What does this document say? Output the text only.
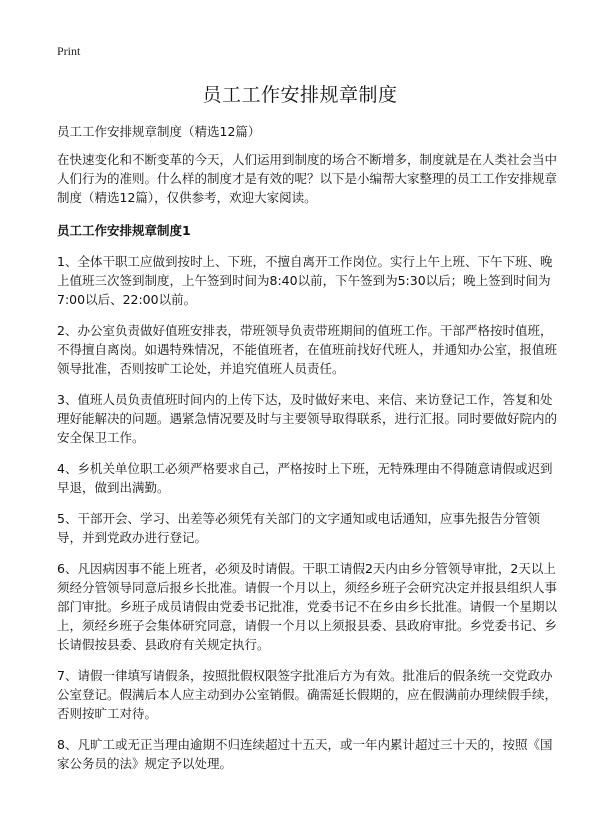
Print
员工工作安排规章制度

员工工作安排规章制度（精选12篇）

在快速变化和不断变革的今天，人们运用到制度的场合不断增多，制度就是在人类社会当中人们行为的准则。什么样的制度才是有效的呢？以下是小编帮大家整理的员工工作安排规章制度（精选12篇），仅供参考，欢迎大家阅读。

员工工作安排规章制度1

1、全体干职工应做到按时上、下班，不擅自离开工作岗位。实行上午上班、下午下班、晚上值班三次签到制度，上午签到时间为8:40以前，下午签到为5:30以后；晚上签到时间为7:00以后、22:00以前。

2、办公室负责做好值班安排表，带班领导负责带班期间的值班工作。干部严格按时值班，不得擅自离岗。如遇特殊情况，不能值班者，在值班前找好代班人，并通知办公室，报值班领导批准，否则按旷工论处，并追究值班人员责任。

3、值班人员负责值班时间内的上传下达，及时做好来电、来信、来访登记工作，答复和处理好能解决的问题。遇紧急情况要及时与主要领导取得联系，进行汇报。同时要做好院内的安全保卫工作。

4、乡机关单位职工必须严格要求自己，严格按时上下班，无特殊理由不得随意请假或迟到早退，做到出满勤。

5、干部开会、学习、出差等必须凭有关部门的文字通知或电话通知，应事先报告分管领导，并到党政办进行登记。

6、凡因病因事不能上班者，必须及时请假。干职工请假2天内由乡分管领导审批，2天以上须经分管领导同意后报乡长批准。请假一个月以上，须经乡班子会研究决定并报县组织人事部门审批。乡班子成员请假由党委书记批准，党委书记不在乡由乡长批准。请假一个星期以上，须经乡班子会集体研究同意，请假一个月以上须报县委、县政府审批。乡党委书记、乡长请假按县委、县政府有关规定执行。

7、请假一律填写请假条，按照批假权限签字批准后方为有效。批准后的假条统一交党政办公室登记。假满后本人应主动到办公室销假。确需延长假期的，应在假满前办理续假手续，否则按旷工对待。

8、凡旷工或无正当理由逾期不归连续超过十五天，或一年内累计超过三十天的，按照《国家公务员的法》规定予以处理。
